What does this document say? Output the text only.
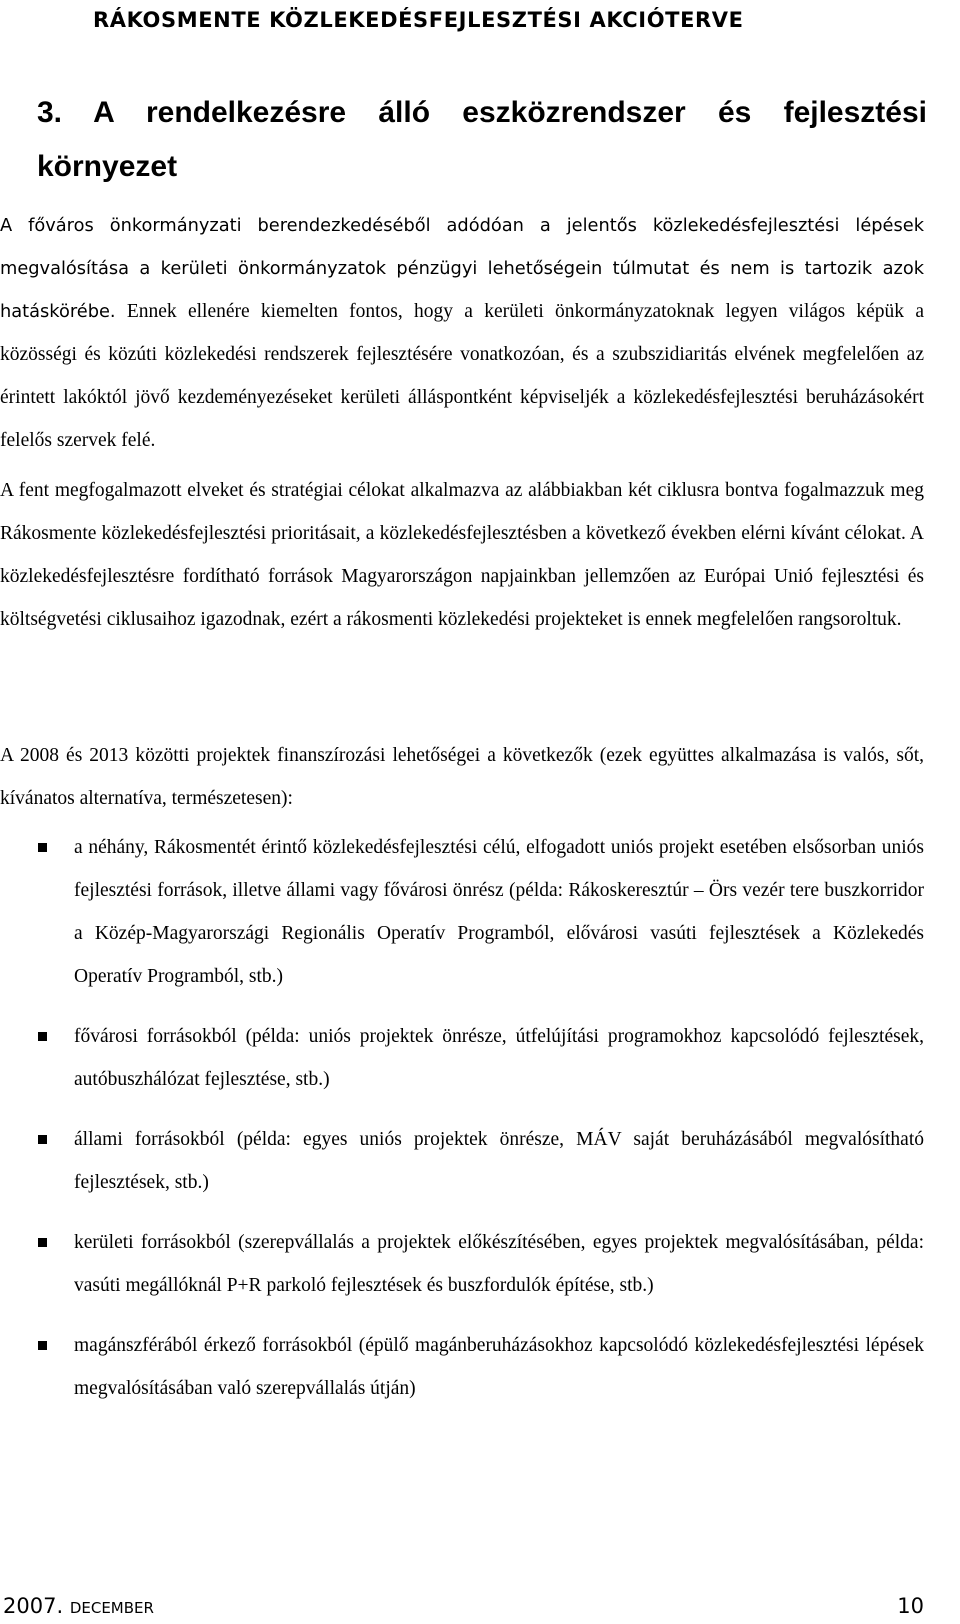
RÁKOSMENTE KÖZLEKEDÉSFEJLESZTÉSI AKCIÓTERVE
3. A rendelkezésre álló eszközrendszer és fejlesztési környezet

A főváros önkormányzati berendezkedéséből adódóan a jelentős közlekedésfejlesztési lépések megvalósítása a kerületi önkormányzatok pénzügyi lehetőségein túlmutat és nem is tartozik azok hatáskörébe. Ennek ellenére kiemelten fontos, hogy a kerületi önkormányzatoknak legyen világos képük a közösségi és közúti közlekedési rendszerek fejlesztésére vonatkozóan, és a szubszidiaritás elvének megfelelően az érintett lakóktól jövő kezdeményezéseket kerületi álláspontként képviseljék a közlekedésfejlesztési beruházásokért felelős szervek felé.

A fent megfogalmazott elveket és stratégiai célokat alkalmazva az alábbiakban két ciklusra bontva fogalmazzuk meg Rákosmente közlekedésfejlesztési prioritásait, a közlekedésfejlesztésben a következő években elérni kívánt célokat. A közlekedésfejlesztésre fordítható források Magyarországon napjainkban jellemzően az Európai Unió fejlesztési és költségvetési ciklusaihoz igazodnak, ezért a rákosmenti közlekedési projekteket is ennek megfelelően rangsoroltuk.

A 2008 és 2013 közötti projektek finanszírozási lehetőségei a következők (ezek együttes alkalmazása is valós, sőt, kívánatos alternatíva, természetesen):

a néhány, Rákosmentét érintő közlekedésfejlesztési célú, elfogadott uniós projekt esetében elsősorban uniós fejlesztési források, illetve állami vagy fővárosi önrész (példa: Rákoskeresztúr – Örs vezér tere buszkorridor a Közép-Magyarországi Regionális Operatív Programból, elővárosi vasúti fejlesztések a Közlekedés Operatív Programból, stb.)
fővárosi forrásokból (példa: uniós projektek önrésze, útfelújítási programokhoz kapcsolódó fejlesztések, autóbuszhálózat fejlesztése, stb.)
állami forrásokból (példa: egyes uniós projektek önrésze, MÁV saját beruházásából megvalósítható fejlesztések, stb.)
kerületi forrásokból (szerepvállalás a projektek előkészítésében, egyes projektek megvalósításában, példa: vasúti megállóknál P+R parkoló fejlesztések és buszfordulók építése, stb.)
magánszférából érkező forrásokból (épülő magánberuházásokhoz kapcsolódó közlekedésfejlesztési lépések megvalósításában való szerepvállalás útján)
2007. DECEMBER	10
